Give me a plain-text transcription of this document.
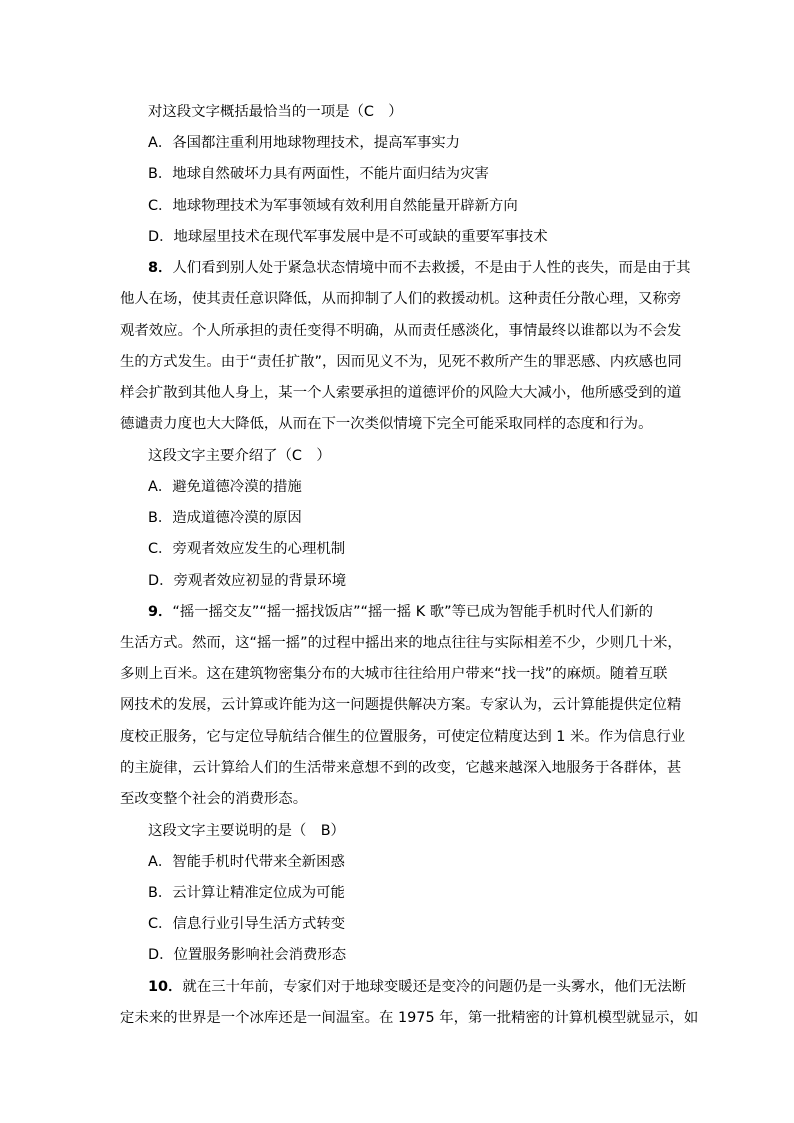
对这段文字概括最恰当的一项是（C　）

A．各国都注重利用地球物理技术，提高军事实力

B．地球自然破坏力具有两面性，不能片面归结为灾害

C．地球物理技术为军事领域有效利用自然能量开辟新方向

D．地球屋里技术在现代军事发展中是不可或缺的重要军事技术

8．人们看到别人处于紧急状态情境中而不去救援，不是由于人性的丧失，而是由于其

他人在场，使其责任意识降低，从而抑制了人们的救援动机。这种责任分散心理，又称旁

观者效应。个人所承担的责任变得不明确，从而责任感淡化，事情最终以谁都以为不会发

生的方式发生。由于“责任扩散”，因而见义不为，见死不救所产生的罪恶感、内疚感也同

样会扩散到其他人身上，某一个人索要承担的道德评价的风险大大减小，他所感受到的道

德谴责力度也大大降低，从而在下一次类似情境下完全可能采取同样的态度和行为。

这段文字主要介绍了（C　）

A．避免道德冷漠的措施

B．造成道德冷漠的原因

C．旁观者效应发生的心理机制

D．旁观者效应初显的背景环境

9．“摇一摇交友”“摇一摇找饭店”“摇一摇 K 歌”等已成为智能手机时代人们新的

生活方式。然而，这“摇一摇”的过程中摇出来的地点往往与实际相差不少，少则几十米，

多则上百米。这在建筑物密集分布的大城市往往给用户带来“找一找”的麻烦。随着互联

网技术的发展，云计算或许能为这一问题提供解决方案。专家认为，云计算能提供定位精

度校正服务，它与定位导航结合催生的位置服务，可使定位精度达到 1 米。作为信息行业

的主旋律，云计算给人们的生活带来意想不到的改变，它越来越深入地服务于各群体，甚

至改变整个社会的消费形态。

这段文字主要说明的是（　B）

A．智能手机时代带来全新困惑

B．云计算让精准定位成为可能

C．信息行业引导生活方式转变

D．位置服务影响社会消费形态

10．就在三十年前，专家们对于地球变暖还是变冷的问题仍是一头雾水，他们无法断

定未来的世界是一个冰库还是一间温室。在 1975 年，第一批精密的计算机模型就显示，如
